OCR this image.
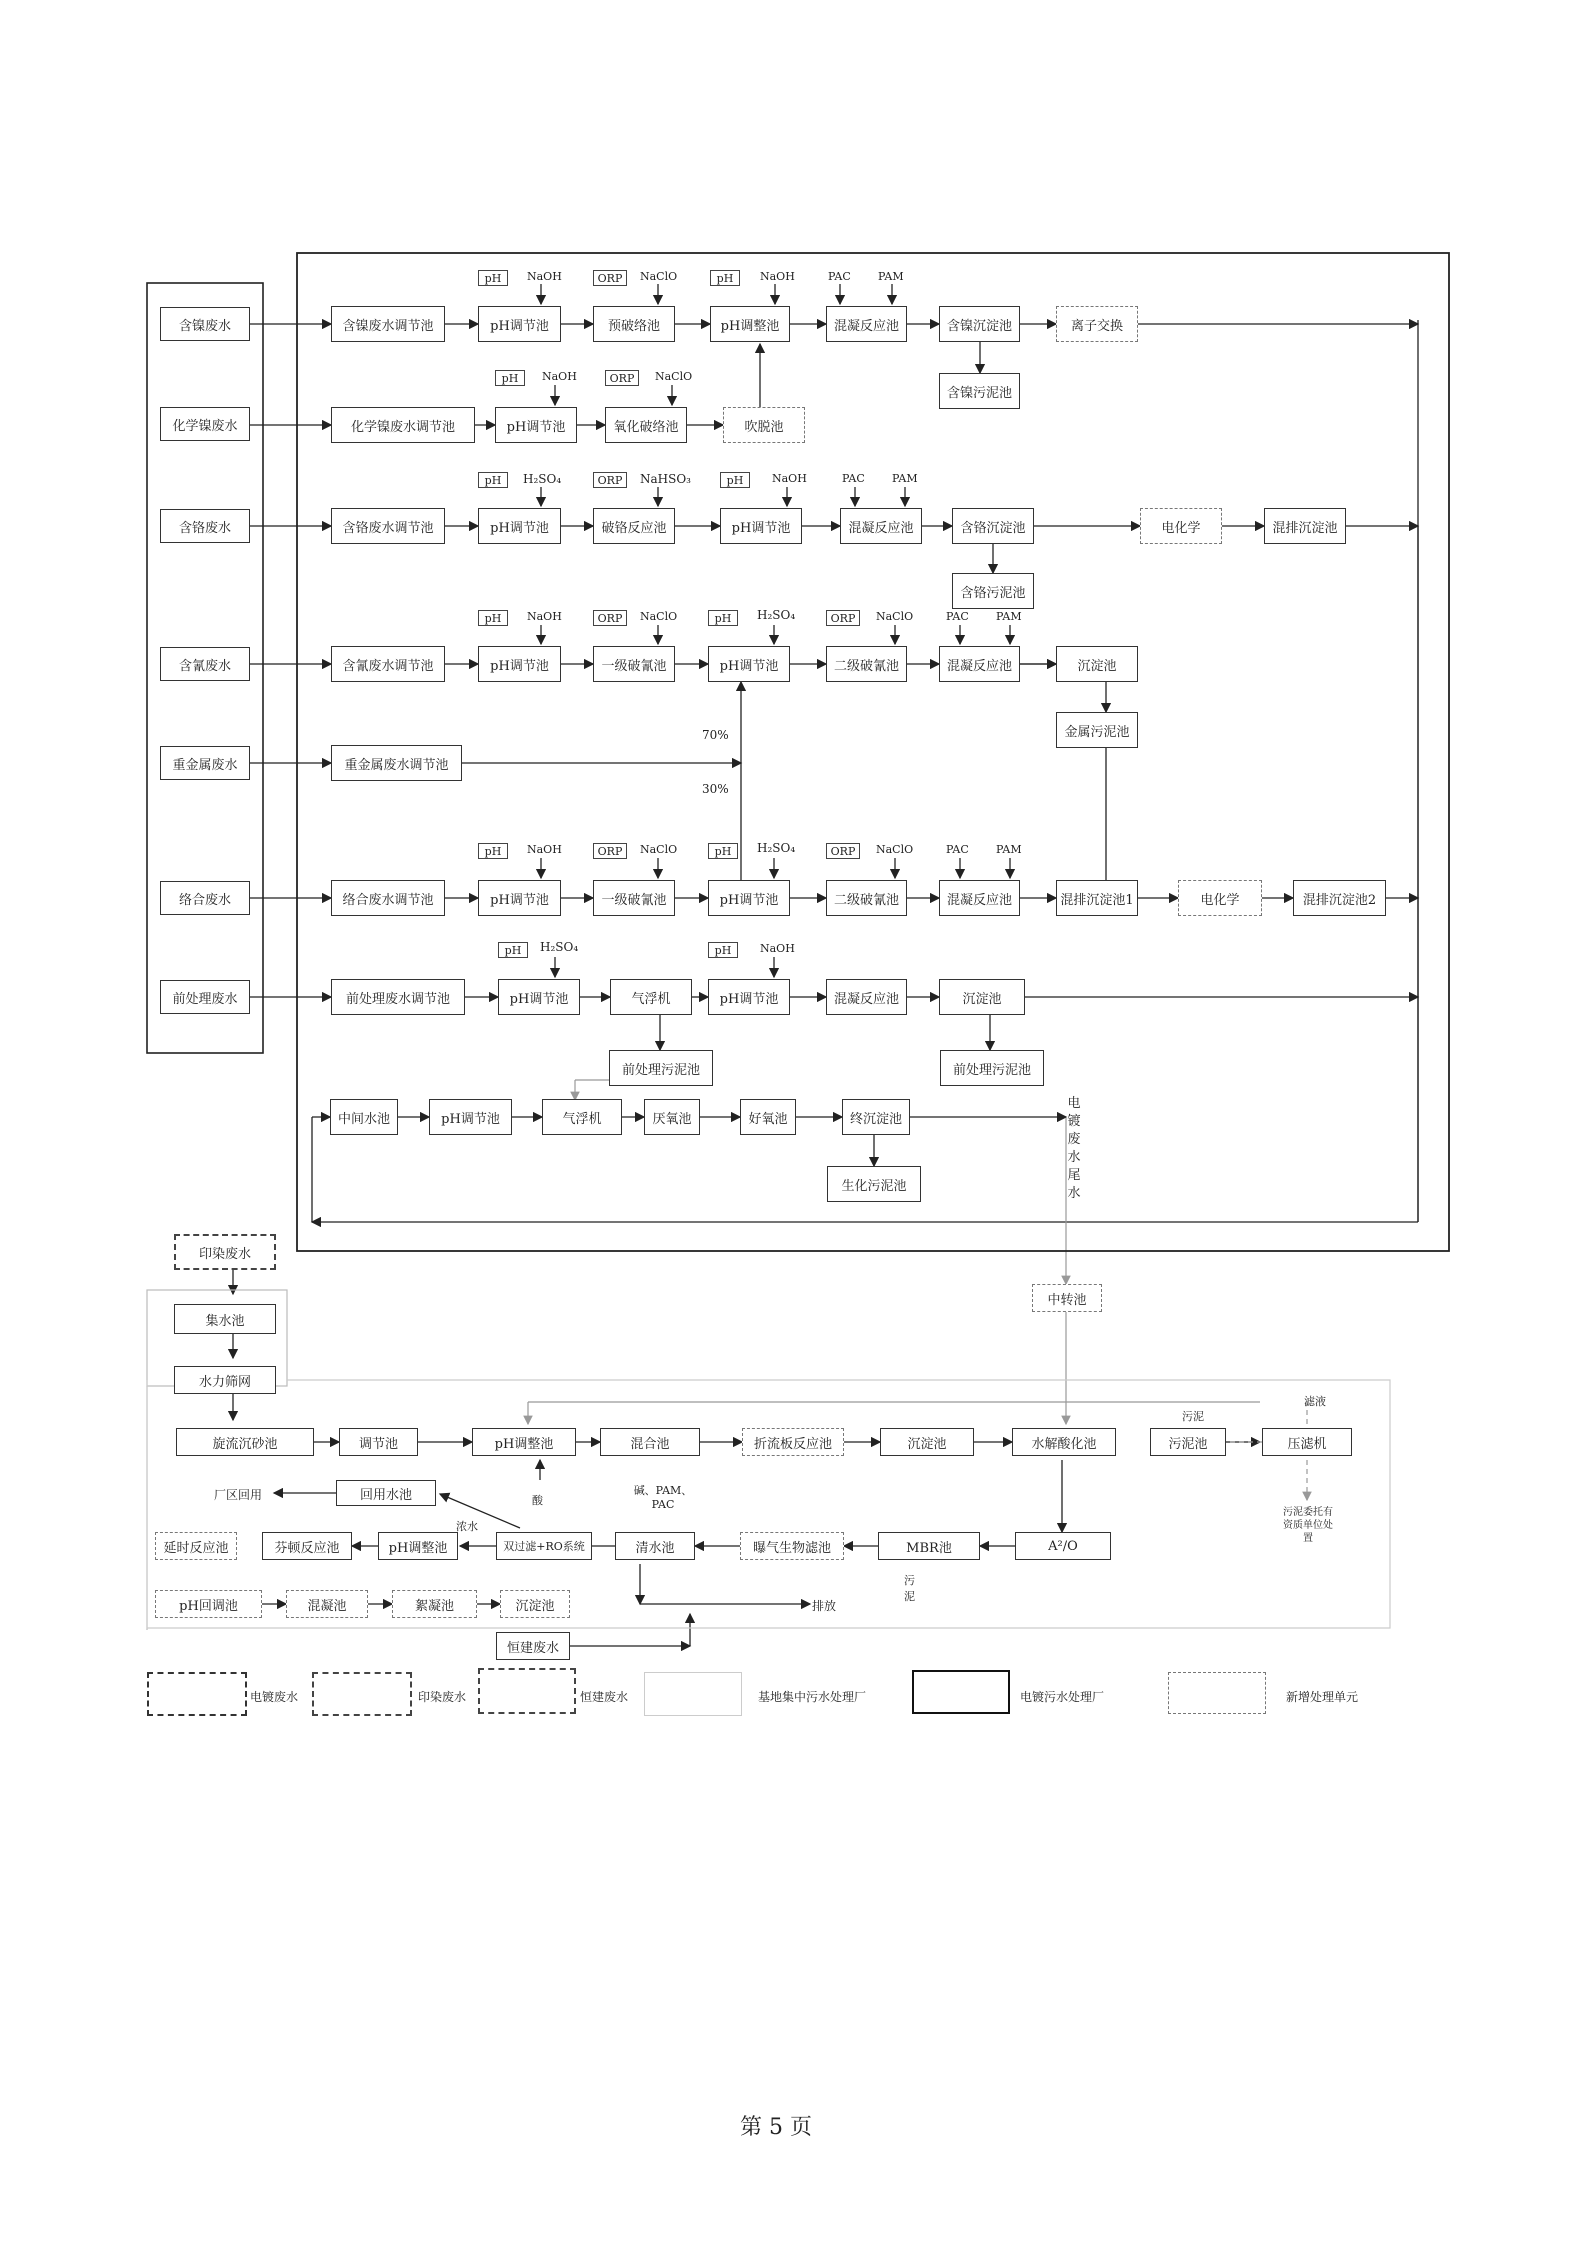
含镍废水
化学镍废水
含铬废水
含氰废水
重金属废水
络合废水
前处理废水
含镍废水调节池	pH调节池	预破络池	pH调整池	混凝反应池	含镍沉淀池	离子交换
含镍污泥池
pH	NaOH	ORP	NaClO	pH	NaOH	PAC PAM
化学镍废水调节池	pH调节池	氧化破络池	吹脱池
pH	NaOH	ORP	NaClO
含铬废水调节池	pH调节池	破铬反应池	pH调节池	混凝反应池	含铬沉淀池	电化学	混排沉淀池
含铬污泥池
pH	H₂SO₄	ORP	NaHSO₃	pH	NaOH	PAC PAM
含氰废水调节池	pH调节池	一级破氰池	pH调节池	二级破氰池	混凝反应池	沉淀池
金属污泥池
pH	NaOH	ORP	NaClO	pH	H₂SO₄	ORP	NaClO	PAC PAM
重金属废水调节池
70%
30%
络合废水调节池	pH调节池	一级破氰池	pH调节池	二级破氰池	混凝反应池	混排沉淀池1	电化学	混排沉淀池2
pH	NaOH	ORP	NaClO	pH	H₂SO₄	ORP	NaClO	PAC PAM
前处理废水调节池	pH调节池	气浮机	pH调节池	混凝反应池	沉淀池
前处理污泥池	前处理污泥池
pH	H₂SO₄	pH	NaOH
中间水池	pH调节池	气浮机	厌氧池	好氧池	终沉淀池
生化污泥池
电镀废水尾水
中转池
印染废水
集水池
水力筛网
旋流沉砂池	调节池	pH调整池	混合池	折流板反应池	沉淀池	水解酸化池	污泥池	压滤机
回用水池
厂区回用
双过滤+RO系统	清水池	曝气生物滤池	MBR池	A²/O
延时反应池	芬顿反应池	pH调整池
pH回调池	混凝池	絮凝池	沉淀池
恒建废水
排放
酸
碱、PAM、PAC
浓水
污泥
污泥
滤液
污泥委托有资质单位处置
电镀废水	印染废水	恒建废水	基地集中污水处理厂	电镀污水处理厂	新增处理单元
第 5 页
